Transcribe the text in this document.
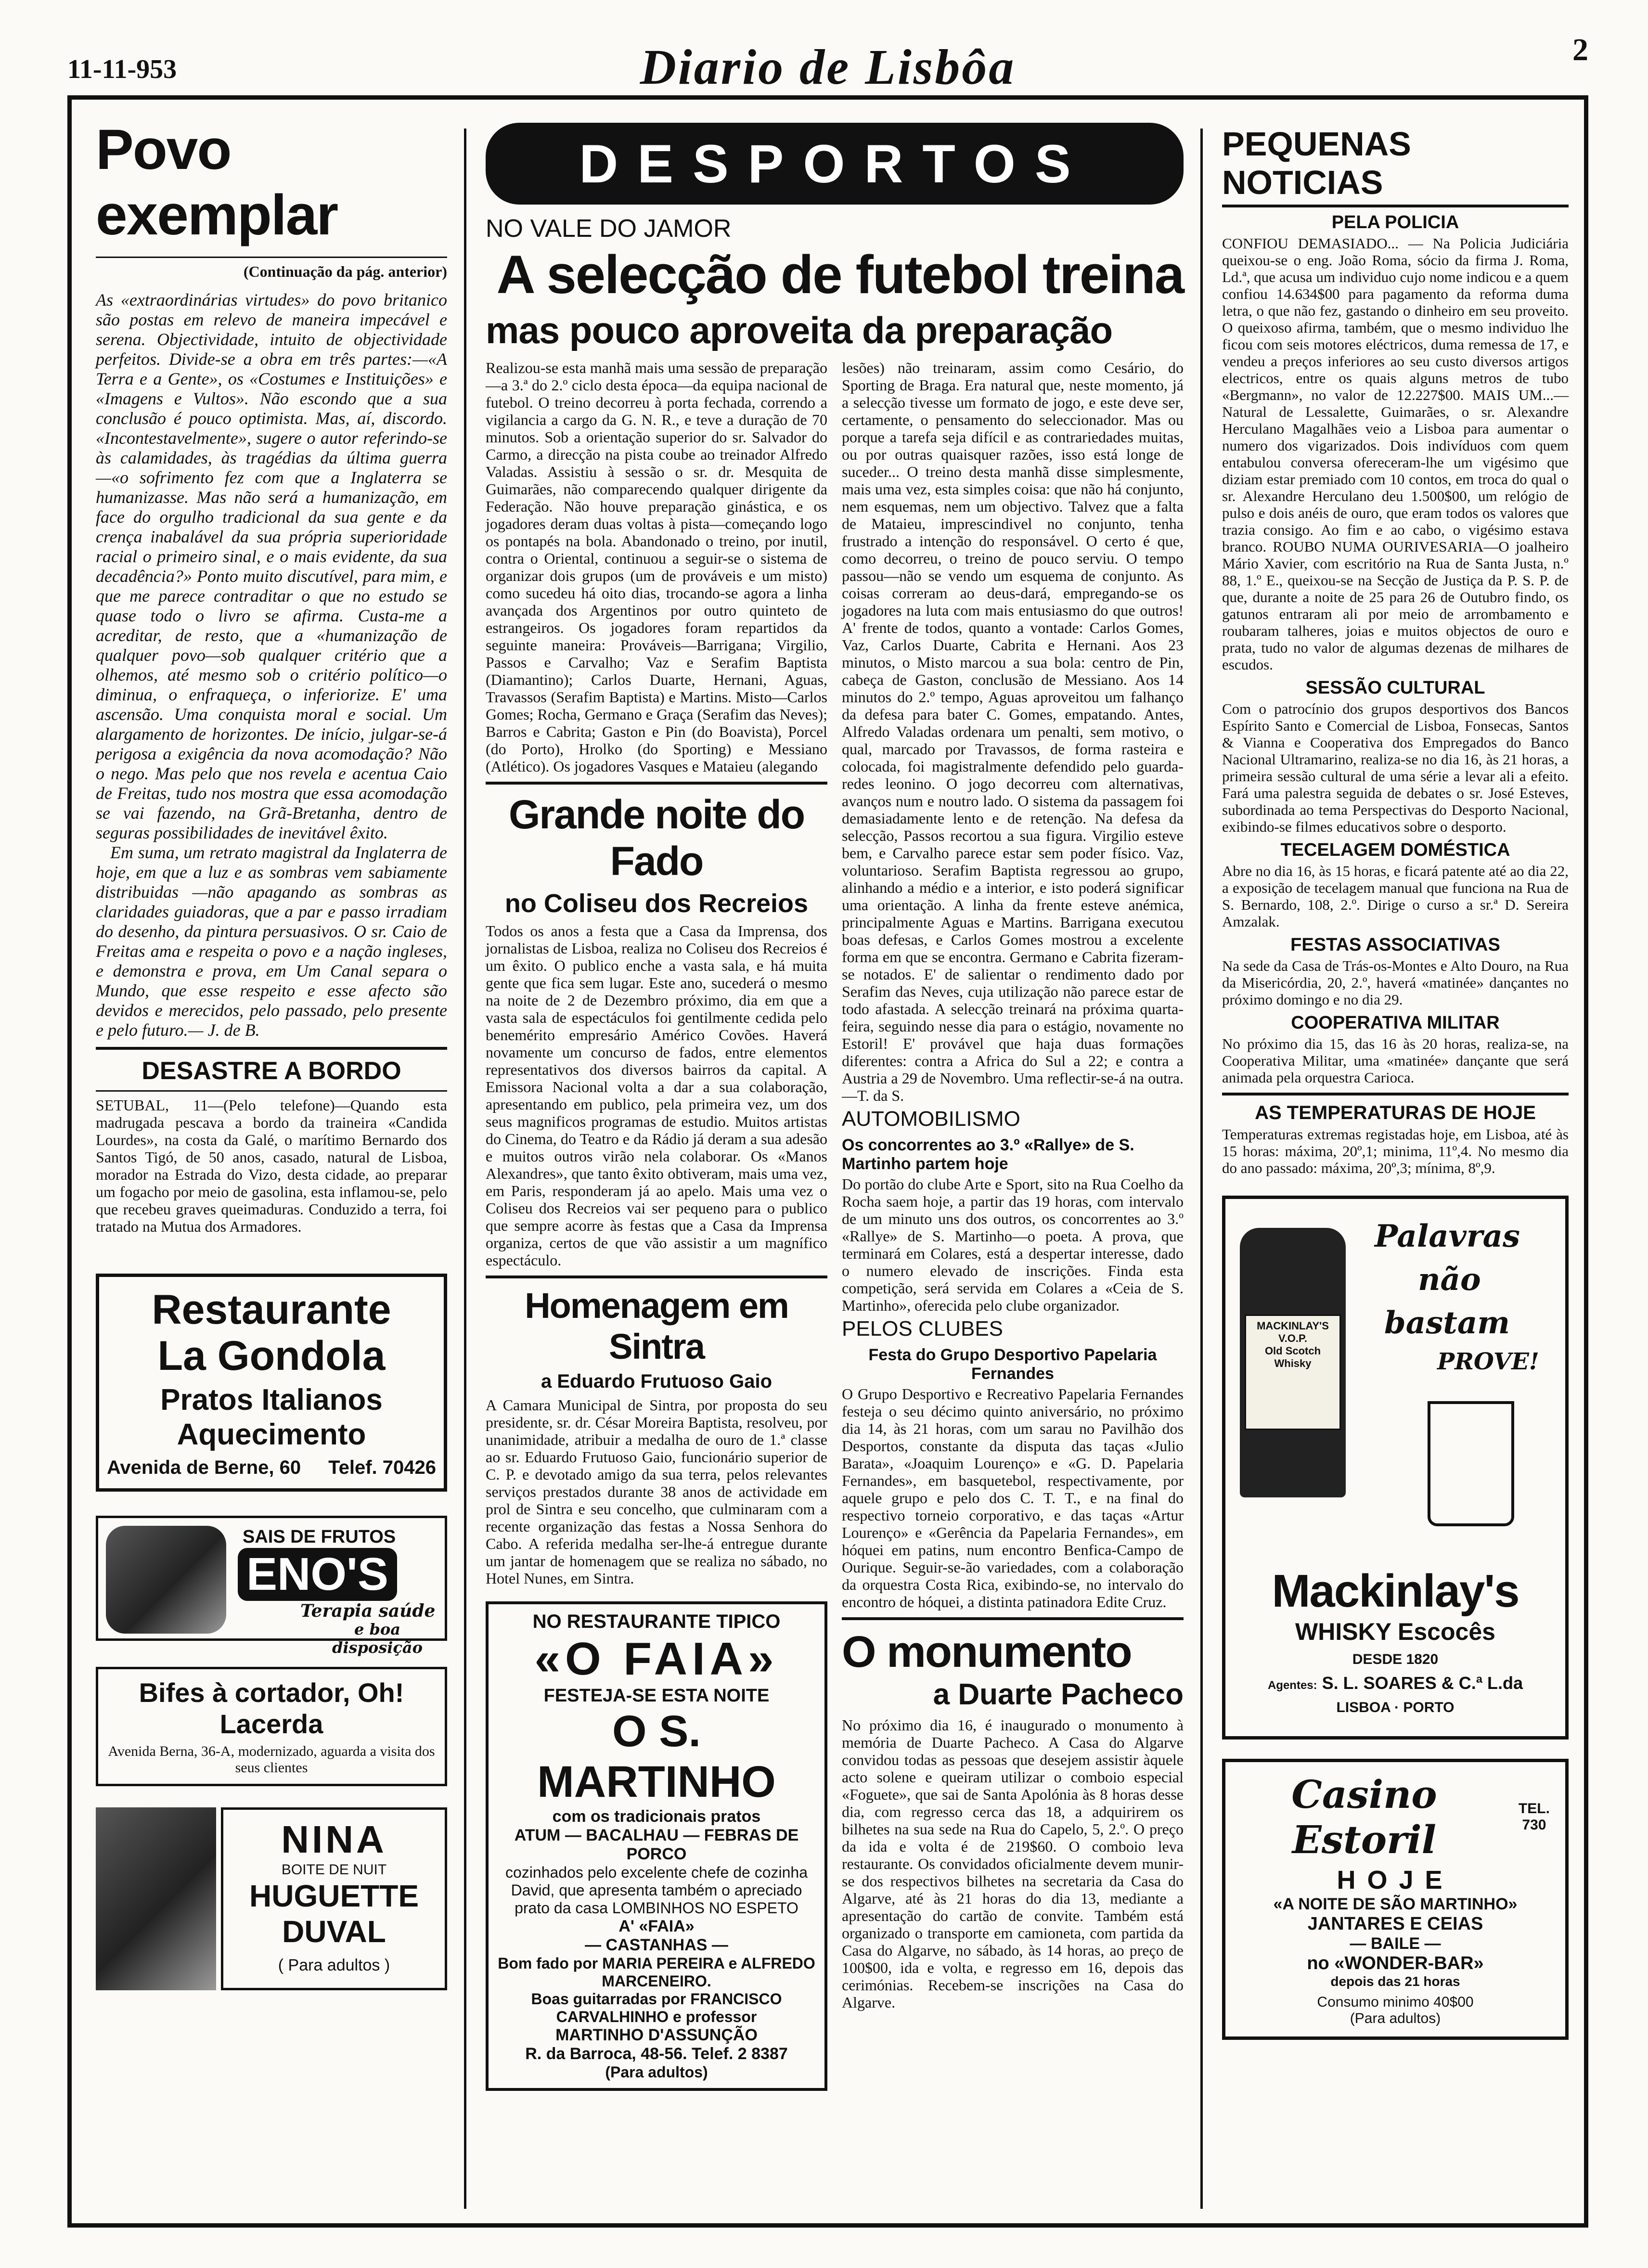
11-11-953	Diario de Lisbôa	2
Povo exemplar
(Continuação da pág. anterior)

As «extraordinárias virtudes» do povo britanico são postas em relevo de maneira impecável e serena. Objectividade, intuito de objectividade perfeitos. Divide-se a obra em três partes:—«A Terra e a Gente», os «Costumes e Instituições» e «Imagens e Vultos». Não escondo que a sua conclusão é pouco optimista. Mas, aí, discordo. «Incontestavelmente», sugere o autor referindo-se às calamidades, às tragédias da última guerra—«o sofrimento fez com que a Inglaterra se humanizasse. Mas não será a humanização, em face do orgulho tradicional da sua gente e da crença inabalável da sua própria superioridade racial o primeiro sinal, e o mais evidente, da sua decadência?» Ponto muito discutível, para mim, e que me parece contraditar o que no estudo se quase todo o livro se afirma. Custa-me a acreditar, de resto, que a «humanização de qualquer povo—sob qualquer critério que a olhemos, até mesmo sob o critério político—o diminua, o enfraqueça, o inferiorize. E' uma ascensão. Uma conquista moral e social. Um alargamento de horizontes. De início, julgar-se-á perigosa a exigência da nova acomodação? Não o nego. Mas pelo que nos revela e acentua Caio de Freitas, tudo nos mostra que essa acomodação se vai fazendo, na Grã-Bretanha, dentro de seguras possibilidades de inevitável êxito.

Em suma, um retrato magistral da Inglaterra de hoje, em que a luz e as sombras vem sabiamente distribuidas —não apagando as sombras as claridades guiadoras, que a par e passo irradiam do desenho, da pintura persuasivos. O sr. Caio de Freitas ama e respeita o povo e a nação ingleses, e demonstra e prova, em Um Canal separa o Mundo, que esse respeito e esse afecto são devidos e merecidos, pelo passado, pelo presente e pelo futuro.— J. de B.

DESASTRE A BORDO

SETUBAL, 11—(Pelo telefone)—Quando esta madrugada pescava a bordo da traineira «Candida Lourdes», na costa da Galé, o marítimo Bernardo dos Santos Tigó, de 50 anos, casado, natural de Lisboa, morador na Estrada do Vizo, desta cidade, ao preparar um fogacho por meio de gasolina, esta inflamou-se, pelo que recebeu graves queimaduras. Conduzido a terra, foi tratado na Mutua dos Armadores.

Restaurante
La Gondola
Pratos Italianos
Aquecimento
Avenida de Berne, 60 Telef. 70426
SAIS DE FRUTOS
ENO'S
Terapia saúde
e boa disposição
Bifes à cortador, Oh! Lacerda
Avenida Berna, 36-A, modernizado, aguarda a visita dos seus clientes
NINA
BOITE DE NUIT
HUGUETTE
DUVAL
( Para adultos )
DESPORTOS
NO VALE DO JAMOR
A selecção de futebol treina
mas pouco aproveita da preparação

Realizou-se esta manhã mais uma sessão de preparação—a 3.ª do 2.º ciclo desta época—da equipa nacional de futebol. O treino decorreu à porta fechada, correndo a vigilancia a cargo da G. N. R., e teve a duração de 70 minutos. Sob a orientação superior do sr. Salvador do Carmo, a direcção na pista coube ao treinador Alfredo Valadas. Assistiu à sessão o sr. dr. Mesquita de Guimarães, não comparecendo qualquer dirigente da Federação. Não houve preparação ginástica, e os jogadores deram duas voltas à pista—começando logo os pontapés na bola. Abandonado o treino, por inutil, contra o Oriental, continuou a seguir-se o sistema de organizar dois grupos (um de prováveis e um misto) como sucedeu há oito dias, trocando-se agora a linha avançada dos Argentinos por outro quinteto de estrangeiros. Os jogadores foram repartidos da seguinte maneira: Prováveis—Barrigana; Virgilio, Passos e Carvalho; Vaz e Serafim Baptista (Diamantino); Carlos Duarte, Hernani, Aguas, Travassos (Serafim Baptista) e Martins. Misto—Carlos Gomes; Rocha, Germano e Graça (Serafim das Neves); Barros e Cabrita; Gaston e Pin (do Boavista), Porcel (do Porto), Hrolko (do Sporting) e Messiano (Atlético). Os jogadores Vasques e Mataieu (alegando

Grande noite do Fado
no Coliseu dos Recreios

Todos os anos a festa que a Casa da Imprensa, dos jornalistas de Lisboa, realiza no Coliseu dos Recreios é um êxito. O publico enche a vasta sala, e há muita gente que fica sem lugar. Este ano, sucederá o mesmo na noite de 2 de Dezembro próximo, dia em que a vasta sala de espectáculos foi gentilmente cedida pelo benemérito empresário Américo Covões. Haverá novamente um concurso de fados, entre elementos representativos dos diversos bairros da capital. A Emissora Nacional volta a dar a sua colaboração, apresentando em publico, pela primeira vez, um dos seus magnificos programas de estudio. Muitos artistas do Cinema, do Teatro e da Rádio já deram a sua adesão e muitos outros virão nela colaborar. Os «Manos Alexandres», que tanto êxito obtiveram, mais uma vez, em Paris, responderam já ao apelo. Mais uma vez o Coliseu dos Recreios vai ser pequeno para o publico que sempre acorre às festas que a Casa da Imprensa organiza, certos de que vão assistir a um magnífico espectáculo.

Homenagem em Sintra
a Eduardo Frutuoso Gaio

A Camara Municipal de Sintra, por proposta do seu presidente, sr. dr. César Moreira Baptista, resolveu, por unanimidade, atribuir a medalha de ouro de 1.ª classe ao sr. Eduardo Frutuoso Gaio, funcionário superior de C. P. e devotado amigo da sua terra, pelos relevantes serviços prestados durante 38 anos de actividade em prol de Sintra e seu concelho, que culminaram com a recente organização das festas a Nossa Senhora do Cabo. A referida medalha ser-lhe-á entregue durante um jantar de homenagem que se realiza no sábado, no Hotel Nunes, em Sintra.

NO RESTAURANTE TIPICO
«O FAIA»
FESTEJA-SE ESTA NOITE
O S. MARTINHO
com os tradicionais pratos
ATUM — BACALHAU — FEBRAS DE PORCO
cozinhados pelo excelente chefe de cozinha David, que apresenta também o apreciado prato da casa LOMBINHOS NO ESPETO
A' «FAIA»
— CASTANHAS —
Bom fado por MARIA PEREIRA e ALFREDO MARCENEIRO.
Boas guitarradas por FRANCISCO CARVALHINHO e professor
MARTINHO D'ASSUNÇÃO
R. da Barroca, 48-56. Telef. 2 8387
(Para adultos)

lesões) não treinaram, assim como Cesário, do Sporting de Braga. Era natural que, neste momento, já a selecção tivesse um formato de jogo, e este deve ser, certamente, o pensamento do seleccionador. Mas ou porque a tarefa seja difícil e as contrariedades muitas, ou por outras quaisquer razões, isso está longe de suceder... O treino desta manhã disse simplesmente, mais uma vez, esta simples coisa: que não há conjunto, nem esquemas, nem um objectivo. Talvez que a falta de Mataieu, imprescindivel no conjunto, tenha frustrado a intenção do responsável. O certo é que, como decorreu, o treino de pouco serviu. O tempo passou—não se vendo um esquema de conjunto. As coisas correram ao deus-dará, empregando-se os jogadores na luta com mais entusiasmo do que outros! A' frente de todos, quanto a vontade: Carlos Gomes, Vaz, Carlos Duarte, Cabrita e Hernani. Aos 23 minutos, o Misto marcou a sua bola: centro de Pin, cabeça de Gaston, conclusão de Messiano. Aos 14 minutos do 2.º tempo, Aguas aproveitou um falhanço da defesa para bater C. Gomes, empatando. Antes, Alfredo Valadas ordenara um penalti, sem motivo, o qual, marcado por Travassos, de forma rasteira e colocada, foi magistralmente defendido pelo guarda-redes leonino. O jogo decorreu com alternativas, avanços num e noutro lado. O sistema da passagem foi demasiadamente lento e de retenção. Na defesa da selecção, Passos recortou a sua figura. Virgilio esteve bem, e Carvalho parece estar sem poder físico. Vaz, voluntarioso. Serafim Baptista regressou ao grupo, alinhando a médio e a interior, e isto poderá significar uma orientação. A linha da frente esteve anémica, principalmente Aguas e Martins. Barrigana executou boas defesas, e Carlos Gomes mostrou a excelente forma em que se encontra. Germano e Cabrita fizeram-se notados. E' de salientar o rendimento dado por Serafim das Neves, cuja utilização não parece estar de todo afastada. A selecção treinará na próxima quarta-feira, seguindo nesse dia para o estágio, novamente no Estoril! E' provável que haja duas formações diferentes: contra a Africa do Sul a 22; e contra a Austria a 29 de Novembro. Uma reflectir-se-á na outra.—T. da S.

AUTOMOBILISMO
Os concorrentes ao 3.º «Rallye» de S. Martinho partem hoje

Do portão do clube Arte e Sport, sito na Rua Coelho da Rocha saem hoje, a partir das 19 horas, com intervalo de um minuto uns dos outros, os concorrentes ao 3.º «Rallye» de S. Martinho—o poeta. A prova, que terminará em Colares, está a despertar interesse, dado o numero elevado de inscrições. Finda esta competição, será servida em Colares a «Ceia de S. Martinho», oferecida pelo clube organizador.

PELOS CLUBES
Festa do Grupo Desportivo Papelaria Fernandes

O Grupo Desportivo e Recreativo Papelaria Fernandes festeja o seu décimo quinto aniversário, no próximo dia 14, às 21 horas, com um sarau no Pavilhão dos Desportos, constante da disputa das taças «Julio Barata», «Joaquim Lourenço» e «G. D. Papelaria Fernandes», em basquetebol, respectivamente, por aquele grupo e pelo dos C. T. T., e na final do respectivo torneio corporativo, e das taças «Artur Lourenço» e «Gerência da Papelaria Fernandes», em hóquei em patins, num encontro Benfica-Campo de Ourique. Seguir-se-ão variedades, com a colaboração da orquestra Costa Rica, exibindo-se, no intervalo do encontro de hóquei, a distinta patinadora Edite Cruz.

O monumento
a Duarte Pacheco

No próximo dia 16, é inaugurado o monumento à memória de Duarte Pacheco. A Casa do Algarve convidou todas as pessoas que desejem assistir àquele acto solene e queiram utilizar o comboio especial «Foguete», que sai de Santa Apolónia às 8 horas desse dia, com regresso cerca das 18, a adquirirem os bilhetes na sua sede na Rua do Capelo, 5, 2.º. O preço da ida e volta é de 219$60. O comboio leva restaurante. Os convidados oficialmente devem munir-se dos respectivos bilhetes na secretaria da Casa do Algarve, até às 21 horas do dia 13, mediante a apresentação do cartão de convite. Também está organizado o transporte em camioneta, com partida da Casa do Algarve, no sábado, às 14 horas, ao preço de 100$00, ida e volta, e regresso em 16, depois das cerimónias. Recebem-se inscrições na Casa do Algarve.

PEQUENAS NOTICIAS
PELA POLICIA

CONFIOU DEMASIADO... — Na Policia Judiciária queixou-se o eng. João Roma, sócio da firma J. Roma, Ld.ª, que acusa um individuo cujo nome indicou e a quem confiou 14.634$00 para pagamento da reforma duma letra, o que não fez, gastando o dinheiro em seu proveito. O queixoso afirma, também, que o mesmo individuo lhe ficou com seis motores eléctricos, duma remessa de 17, e vendeu a preços inferiores ao seu custo diversos artigos electricos, entre os quais alguns metros de tubo «Bergmann», no valor de 12.227$00. MAIS UM...—Natural de Lessalette, Guimarães, o sr. Alexandre Herculano Magalhães veio a Lisboa para aumentar o numero dos vigarizados. Dois indivíduos com quem entabulou conversa ofereceram-lhe um vigésimo que diziam estar premiado com 10 contos, em troca do qual o sr. Alexandre Herculano deu 1.500$00, um relógio de pulso e dois anéis de ouro, que eram todos os valores que trazia consigo. Ao fim e ao cabo, o vigésimo estava branco. ROUBO NUMA OURIVESARIA—O joalheiro Mário Xavier, com escritório na Rua de Santa Justa, n.º 88, 1.º E., queixou-se na Secção de Justiça da P. S. P. de que, durante a noite de 25 para 26 de Outubro findo, os gatunos entraram ali por meio de arrombamento e roubaram talheres, joias e muitos objectos de ouro e prata, tudo no valor de algumas dezenas de milhares de escudos.

SESSÃO CULTURAL

Com o patrocínio dos grupos desportivos dos Bancos Espírito Santo e Comercial de Lisboa, Fonsecas, Santos & Vianna e Cooperativa dos Empregados do Banco Nacional Ultramarino, realiza-se no dia 16, às 21 horas, a primeira sessão cultural de uma série a levar ali a efeito. Fará uma palestra seguida de debates o sr. José Esteves, subordinada ao tema Perspectivas do Desporto Nacional, exibindo-se filmes educativos sobre o desporto.

TECELAGEM DOMÉSTICA

Abre no dia 16, às 15 horas, e ficará patente até ao dia 22, a exposição de tecelagem manual que funciona na Rua de S. Bernardo, 108, 2.º. Dirige o curso a sr.ª D. Sereira Amzalak.

FESTAS ASSOCIATIVAS

Na sede da Casa de Trás-os-Montes e Alto Douro, na Rua da Misericórdia, 20, 2.º, haverá «matinée» dançantes no próximo domingo e no dia 29.

COOPERATIVA MILITAR

No próximo dia 15, das 16 às 20 horas, realiza-se, na Cooperativa Militar, uma «matinée» dançante que será animada pela orquestra Carioca.

AS TEMPERATURAS DE HOJE

Temperaturas extremas registadas hoje, em Lisboa, até às 15 horas: máxima, 20º,1; minima, 11º,4. No mesmo dia do ano passado: máxima, 20º,3; mínima, 8º,9.

MACKINLAY'S
V.O.P.
Old Scotch Whisky
Palavras
não
bastam
PROVE!
Mackinlay's
WHISKY Escocês
DESDE 1820
Agentes: S. L. SOARES & C.ª L.da
LISBOA · PORTO
Casino Estoril
TEL. 730
HOJE
«A NOITE DE SÃO MARTINHO»
JANTARES E CEIAS
— BAILE —
no «WONDER-BAR»
depois das 21 horas
Consumo minimo 40$00
(Para adultos)
